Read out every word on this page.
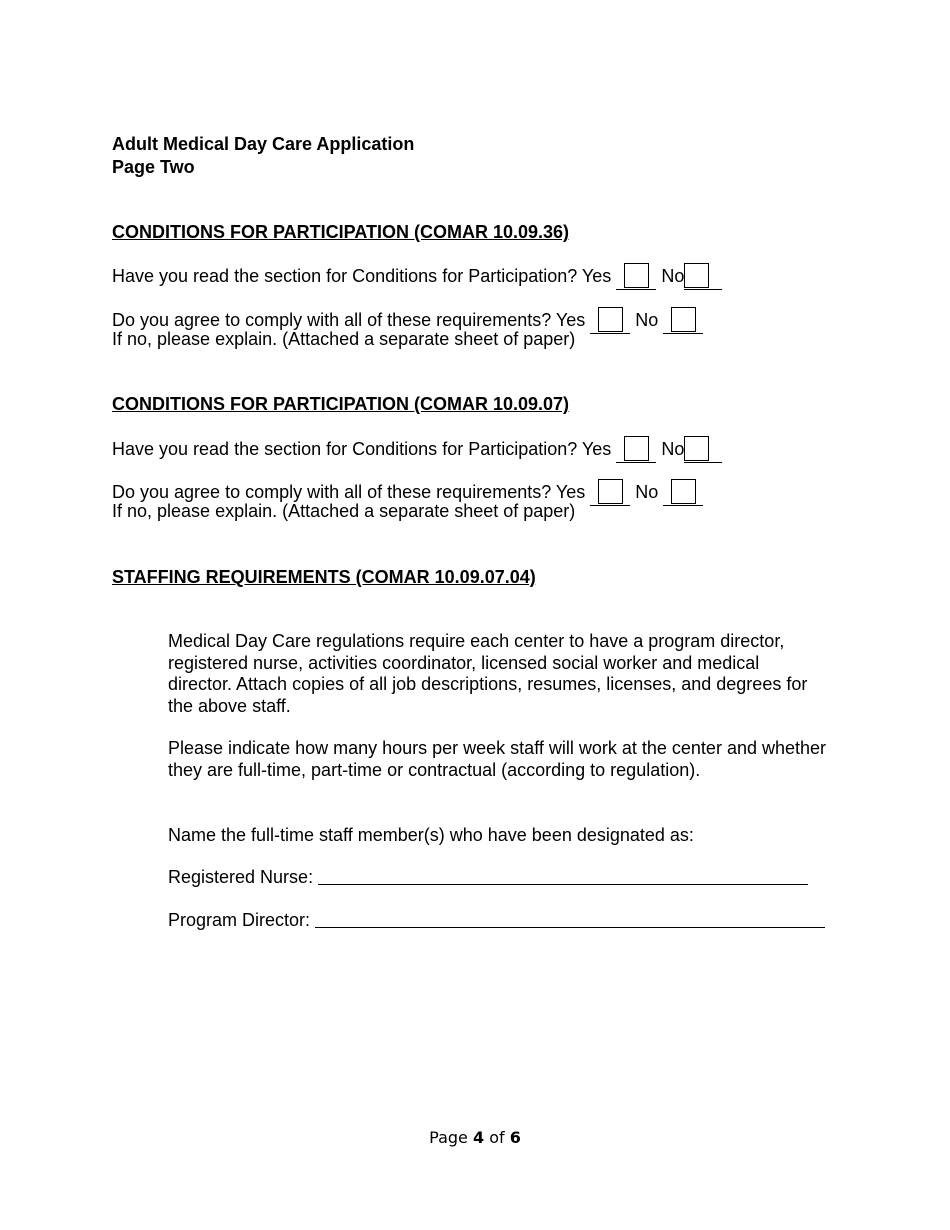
Adult Medical Day Care Application
Page Two
CONDITIONS FOR PARTICIPATION (COMAR 10.09.36)
Have you read the section for Conditions for Participation? Yes	No
Do you agree to comply with all of these requirements? Yes	No
If no, please explain. (Attached a separate sheet of paper)
CONDITIONS FOR PARTICIPATION (COMAR 10.09.07)
Have you read the section for Conditions for Participation? Yes	No
Do you agree to comply with all of these requirements? Yes	No
If no, please explain. (Attached a separate sheet of paper)
STAFFING REQUIREMENTS (COMAR 10.09.07.04)
Medical Day Care regulations require each center to have a program director, registered nurse, activities coordinator, licensed social worker and medical director. Attach copies of all job descriptions, resumes, licenses, and degrees for the above staff.
Please indicate how many hours per week staff will work at the center and whether they are full-time, part-time or contractual (according to regulation).
Name the full-time staff member(s) who have been designated as:
Registered Nurse:
Program Director:
Page 4 of 6
